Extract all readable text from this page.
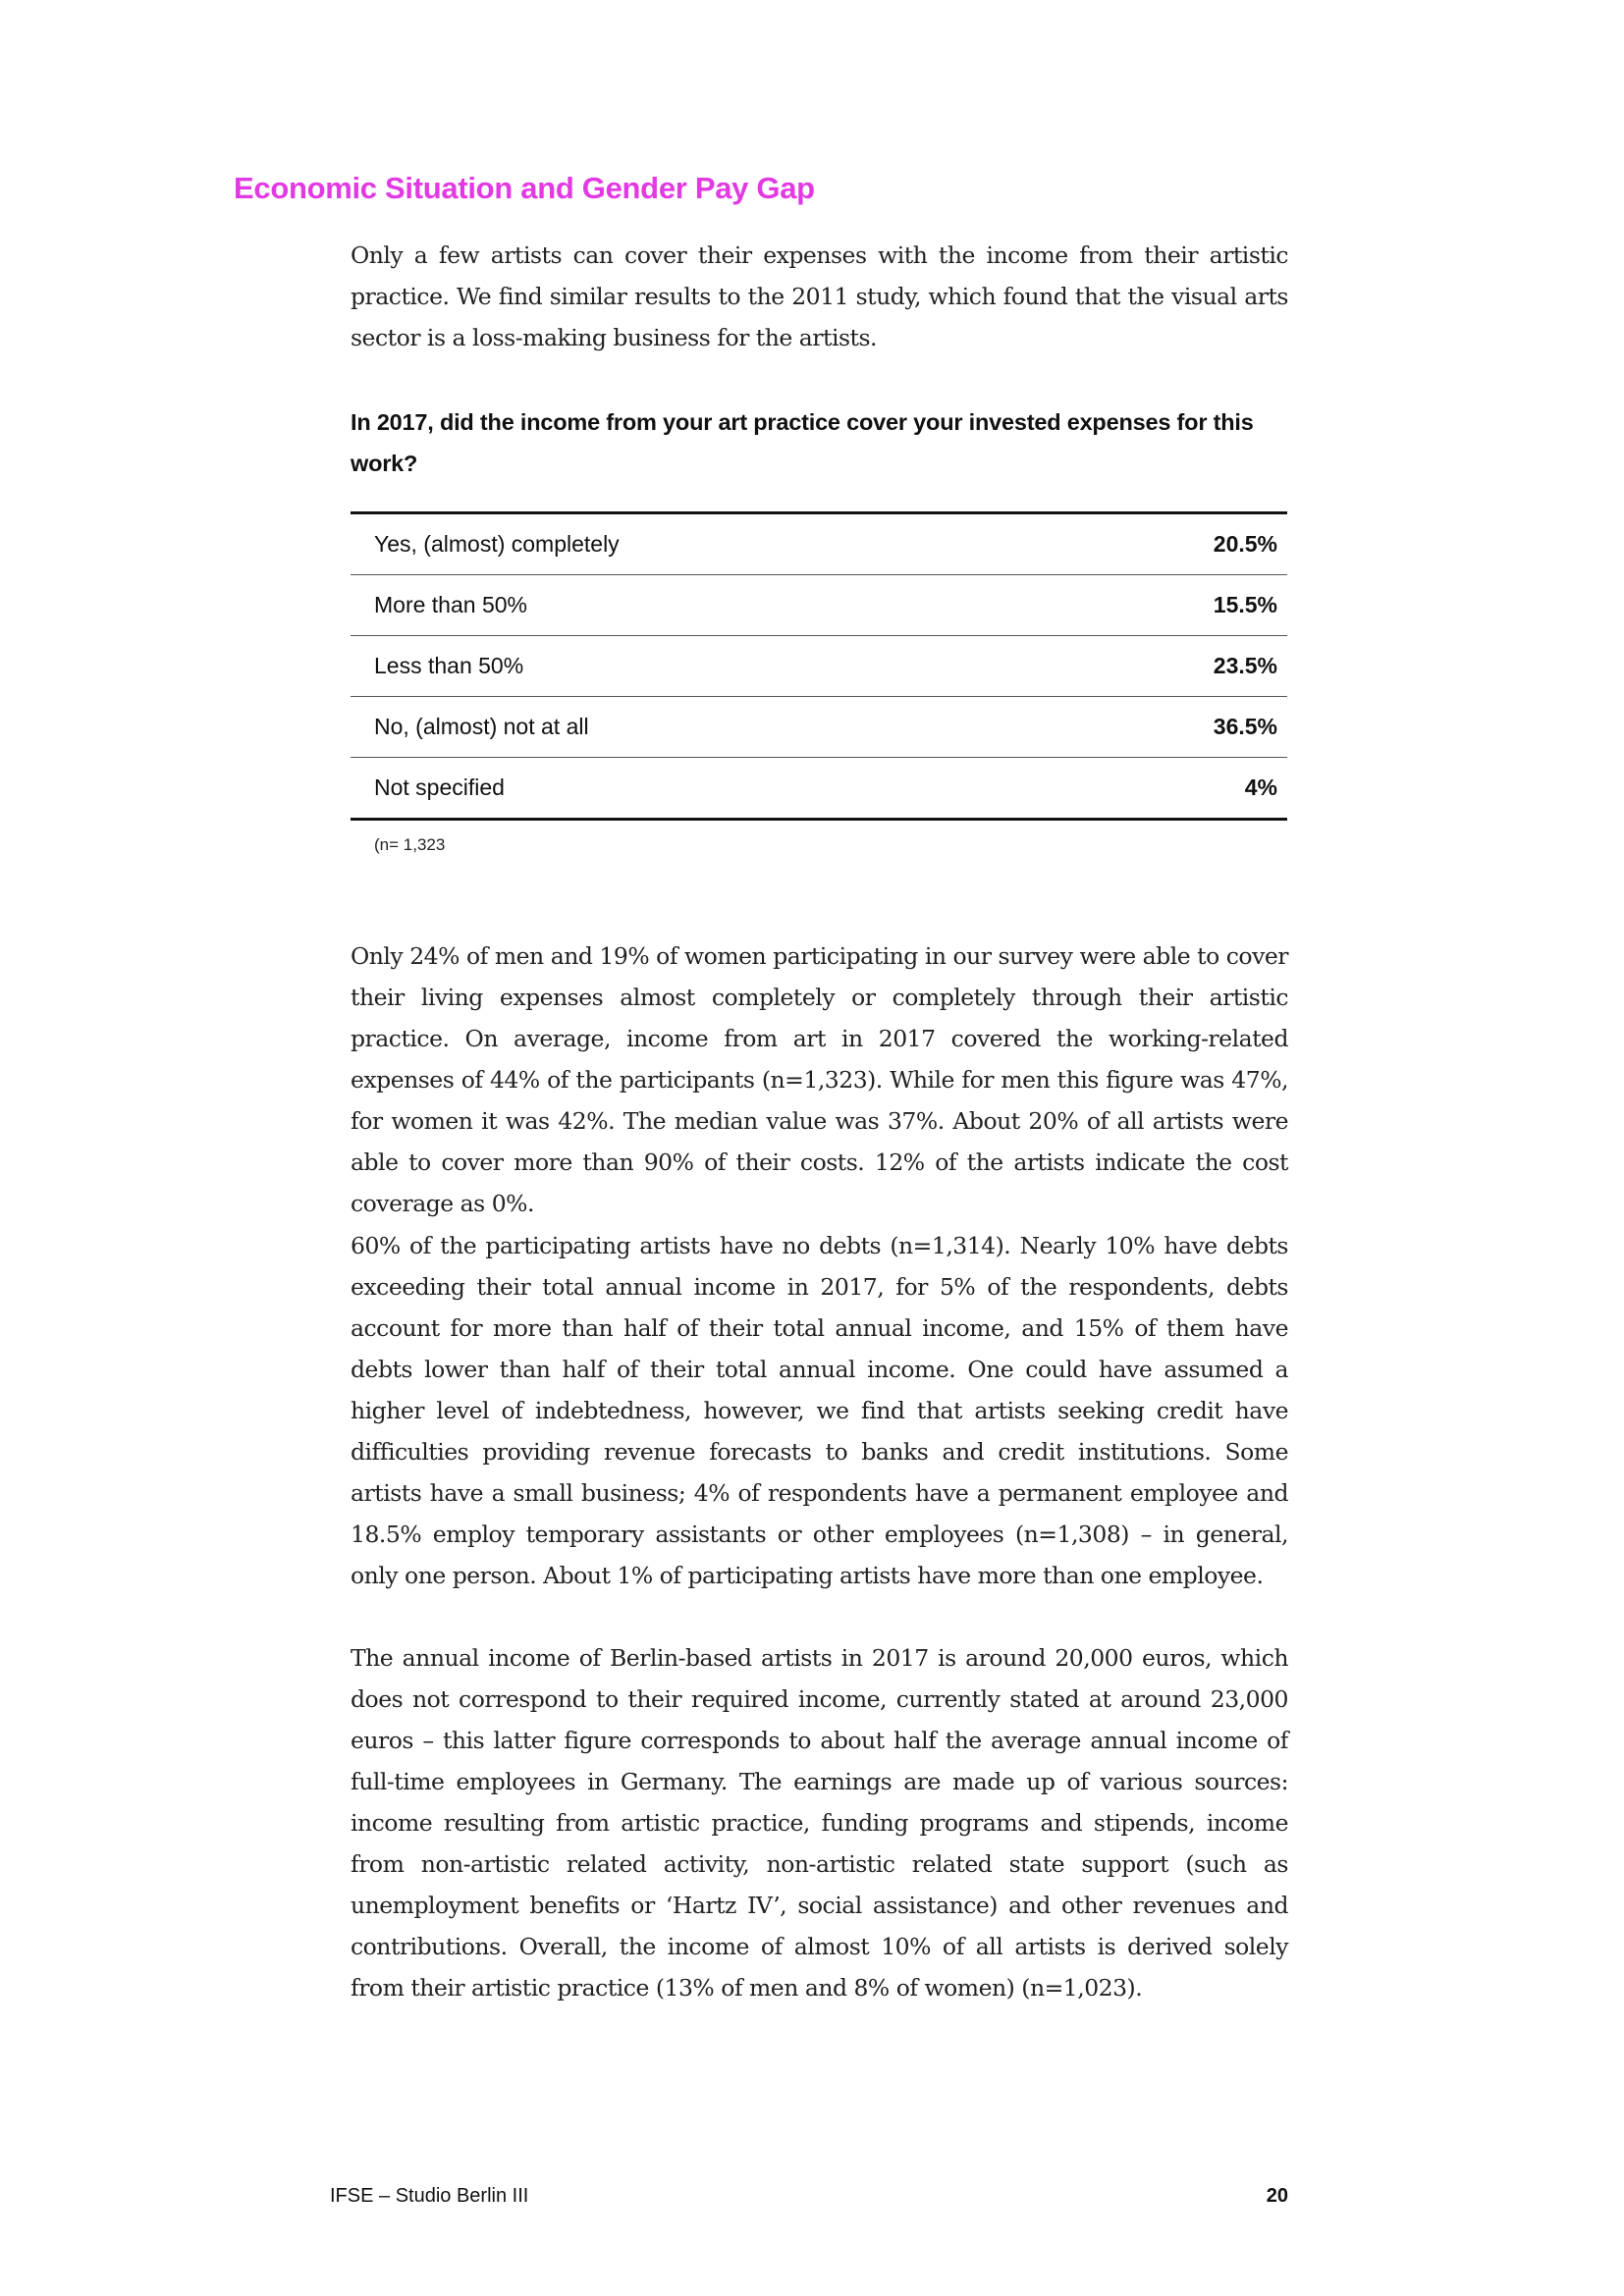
Economic Situation and Gender Pay Gap

Only a few artists can cover their expenses with the income from their artistic practice. We find similar results to the 2011 study, which found that the visual arts sector is a loss-making business for the artists.

In 2017, did the income from your art practice cover your invested expenses for this work?

Yes, (almost) completely	20.5%
More than 50%	15.5%
Less than 50%	23.5%
No, (almost) not at all	36.5%
Not specified	4%

(n= 1,323

Only 24% of men and 19% of women participating in our survey were able to cover their living expenses almost completely or completely through their artistic practice. On average, income from art in 2017 covered the working-related expenses of 44% of the participants (n=1,323). While for men this figure was 47%, for women it was 42%. The median value was 37%. About 20% of all artists were able to cover more than 90% of their costs. 12% of the artists indicate the cost coverage as 0%.

60% of the participating artists have no debts (n=1,314). Nearly 10% have debts exceeding their total annual income in 2017, for 5% of the respondents, debts account for more than half of their total annual income, and 15% of them have debts lower than half of their total annual income. One could have assumed a higher level of indebtedness, however, we find that artists seeking credit have difficulties providing revenue forecasts to banks and credit institutions. Some artists have a small business; 4% of respondents have a permanent employee and 18.5% employ temporary assistants or other employees (n=1,308) – in general, only one person. About 1% of participating artists have more than one employee.

The annual income of Berlin-based artists in 2017 is around 20,000 euros, which does not correspond to their required income, currently stated at around 23,000 euros – this latter figure corresponds to about half the average annual income of full-time employees in Germany. The earnings are made up of various sources: income resulting from artistic practice, funding programs and stipends, income from non-artistic related activity, non-artistic related state support (such as unemployment benefits or ‘Hartz IV’, social assistance) and other revenues and contributions. Overall, the income of almost 10% of all artists is derived solely from their artistic practice (13% of men and 8% of women) (n=1,023).

IFSE – Studio Berlin III	20
